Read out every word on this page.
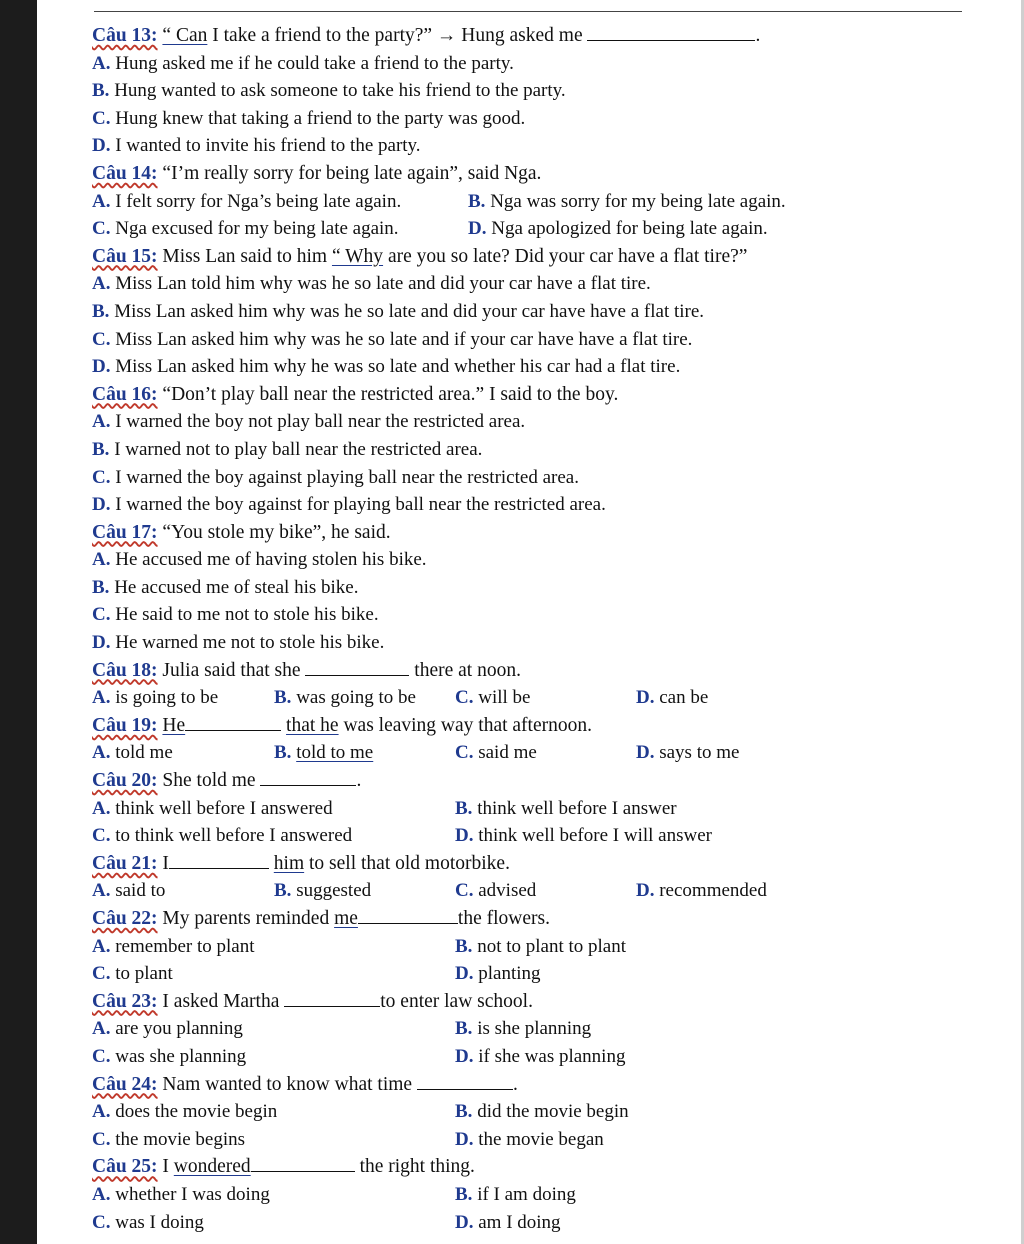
Câu 13: “ Can I take a friend to the party?” → Hung asked me	.
A. Hung asked me if he could take a friend to the party.
B. Hung wanted to ask someone to take his friend to the party.
C. Hung knew that taking a friend to the party was good.
D. I wanted to invite his friend to the party.
Câu 14: “I’m really sorry for being late again”, said Nga.
A. I felt sorry for Nga’s being late again.	B. Nga was sorry for my being late again.
C. Nga excused for my being late again.	D. Nga apologized for being late again.
Câu 15: Miss Lan said to him “ Why are you so late? Did your car have a flat tire?”
A. Miss Lan told him why was he so late and did your car have a flat tire.
B. Miss Lan asked him why was he so late and did your car have have a flat tire.
C. Miss Lan asked him why was he so late and if your car have have a flat tire.
D. Miss Lan asked him why he was so late and whether his car had a flat tire.
Câu 16: “Don’t play ball near the restricted area.” I said to the boy.
A. I warned the boy not play ball near the restricted area.
B. I warned not to play ball near the restricted area.
C. I warned the boy against playing ball near the restricted area.
D. I warned the boy against for playing ball near the restricted area.
Câu 17: “You stole my bike”, he said.
A. He accused me of having stolen his bike.
B. He accused me of steal his bike.
C. He said to me not to stole his bike.
D. He warned me not to stole his bike.
Câu 18: Julia said that she	there at noon.
A. is going to be	B. was going to be C. will be	D. can be
Câu 19: He	that he was leaving way that afternoon.
A. told me	B. told to me	C. said me	D. says to me
Câu 20: She told me	.
A. think well before I answered	B. think well before I answer
C. to think well before I answered	D. think well before I will answer
Câu 21: I	him to sell that old motorbike.
A. said to	B. suggested	C. advised	D. recommended
Câu 22: My parents reminded me	the flowers.
A. remember to plant	B. not to plant to plant
C. to plant	D. planting
Câu 23: I asked Martha	to enter law school.
A. are you planning	B. is she planning
C. was she planning	D. if she was planning
Câu 24: Nam wanted to know what time	.
A. does the movie begin	B. did the movie begin
C. the movie begins	D. the movie began
Câu 25: I wondered	the right thing.
A. whether I was doing	B. if I am doing
C. was I doing	D. am I doing
